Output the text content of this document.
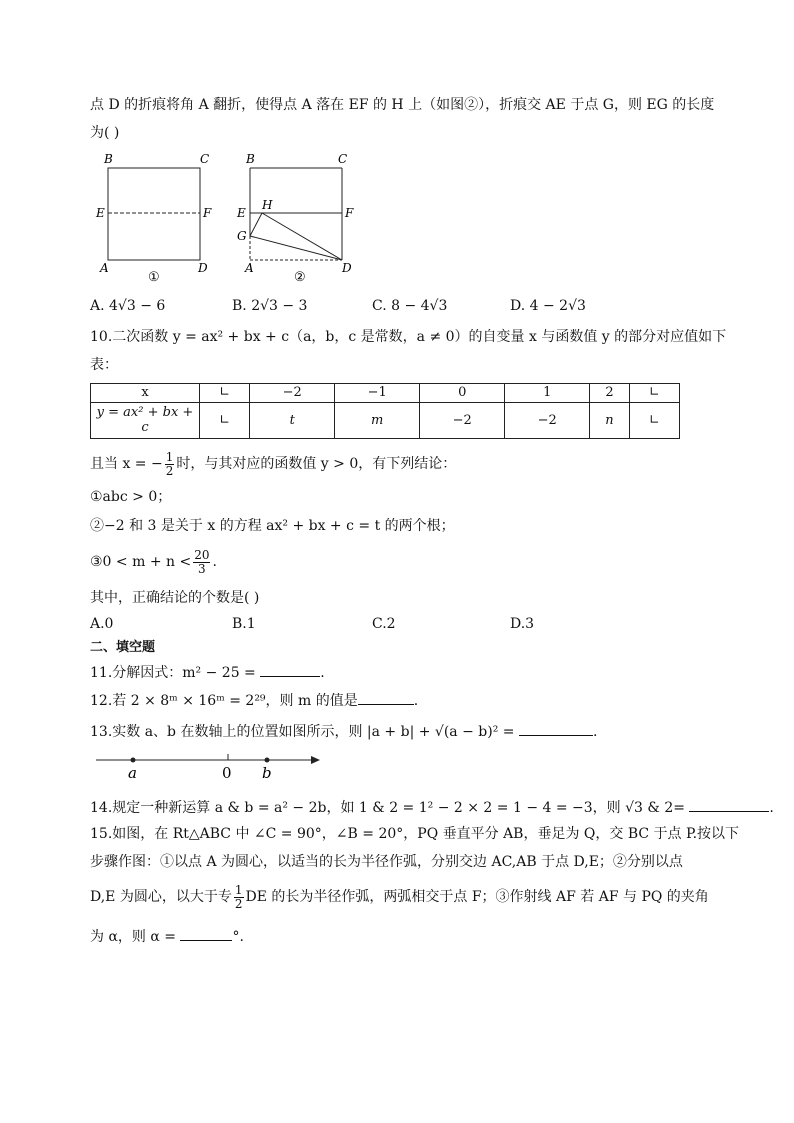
点 D 的折痕将角 A 翻折，使得点 A 落在 EF 的 H 上（如图②），折痕交 AE 于点 G，则 EG 的长度
为( )
B	C
E	F
A	D
①
B	C
E
H
F
G
A	D
②
A. 4√3 − 6	B. 2√3 − 3	C. 8 − 4√3	D. 4 − 2√3
10.二次函数 y = ax² + bx + c（a，b，c 是常数，a ≠ 0）的自变量 x 与函数值 y 的部分对应值如下
表：
x	∟	−2	−1	0	1	2	∟
y = ax² + bx + c	∟	t	m	−2	−2	n	∟
且当 x = − $\frac{1}{2}$ 时，与其对应的函数值 y > 0，有下列结论：
①abc > 0；
②−2 和 3 是关于 x 的方程 ax² + bx + c = t 的两个根；
③0 < $m + n < \frac{20}{3}$ .
其中，正确结论的个数是( )
A.0	B.1	C.2	D.3
二、填空题
11.分解因式：m² − 25 =	.
12.若 2 × 8ᵐ × 16ᵐ = 2²⁹，则 m 的值是	.
13.实数 a、b 在数轴上的位置如图所示，则 |a + b| + √(a − b)² =	.
a	0 b
14.规定一种新运算 a & b = a² − 2b，如 1 & 2 = 1² − 2 × 2 = 1 − 4 = −3，则 √3 & 2=	.
15.如图，在 Rt△ABC 中 ∠C = 90°，∠B = 20°，PQ 垂直平分 AB，垂足为 Q，交 BC 于点 P.按以下
步骤作图：①以点 A 为圆心，以适当的长为半径作弧，分别交边 AC,AB 于点 D,E；②分别以点
D,E 为圆心，以大于专 $\frac{1}{2}$ DE 的长为半径作弧，两弧相交于点 F；③作射线 AF 若 AF 与 PQ 的夹角
为 α，则 α =	°.
